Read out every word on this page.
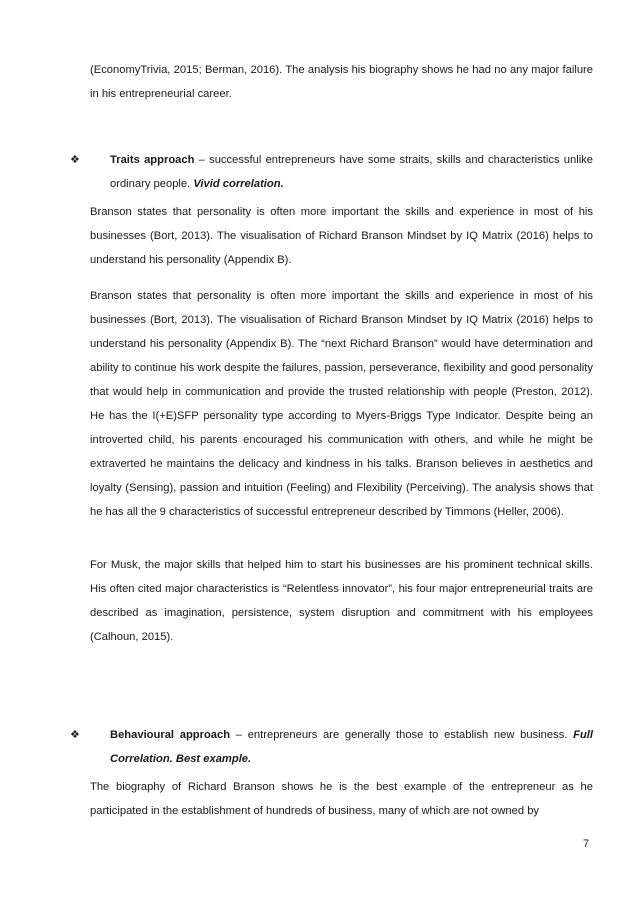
(EconomyTrivia, 2015; Berman, 2016). The analysis his biography shows he had no any major failure in his entrepreneurial career.

❖	Traits approach – successful entrepreneurs have some straits, skills and characteristics unlike ordinary people. Vivid correlation.

Branson states that personality is often more important the skills and experience in most of his businesses (Bort, 2013). The visualisation of Richard Branson Mindset by IQ Matrix (2016) helps to understand his personality (Appendix B).

Branson states that personality is often more important the skills and experience in most of his businesses (Bort, 2013). The visualisation of Richard Branson Mindset by IQ Matrix (2016) helps to understand his personality (Appendix B). The “next Richard Branson” would have determination and ability to continue his work despite the failures, passion, perseverance, flexibility and good personality that would help in communication and provide the trusted relationship with people (Preston, 2012). He has the I(+E)SFP personality type according to Myers-Briggs Type Indicator. Despite being an introverted child, his parents encouraged his communication with others, and while he might be extraverted he maintains the delicacy and kindness in his talks. Branson believes in aesthetics and loyalty (Sensing), passion and intuition (Feeling) and Flexibility (Perceiving). The analysis shows that he has all the 9 characteristics of successful entrepreneur described by Timmons (Heller, 2006).

For Musk, the major skills that helped him to start his businesses are his prominent technical skills. His often cited major characteristics is “Relentless innovator”, his four major entrepreneurial traits are described as imagination, persistence, system disruption and commitment with his employees (Calhoun, 2015).

❖	Behavioural approach – entrepreneurs are generally those to establish new business. Full Correlation. Best example.

The biography of Richard Branson shows he is the best example of the entrepreneur as he participated in the establishment of hundreds of business, many of which are not owned by

7
